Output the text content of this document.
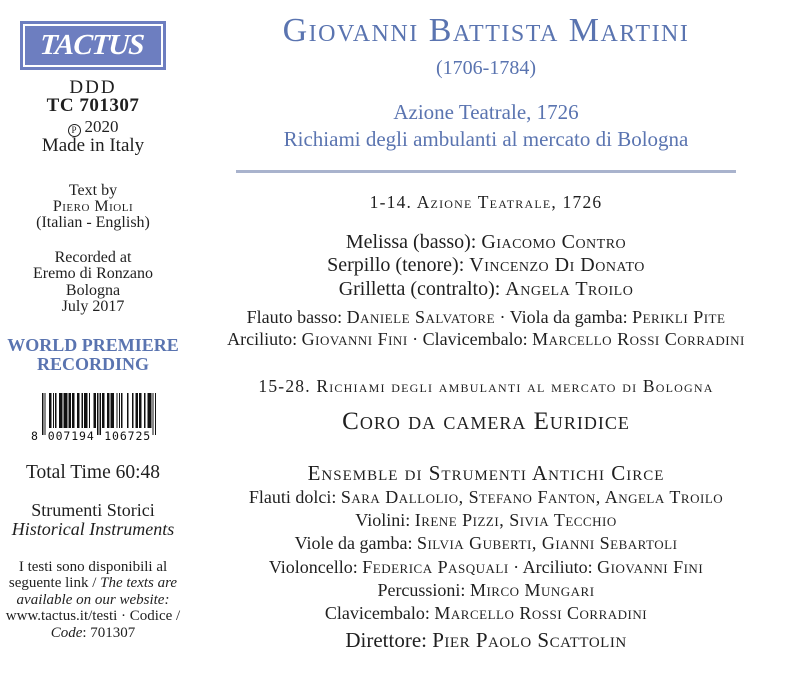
TACTUS
DDD
TC 701307
P 2020
Made in Italy
Text by
Piero Mioli
(Italian - English)
Recorded at
Eremo di Ronzano
Bologna
July 2017
WORLD PREMIERE
RECORDING
8 007194 106725
Total Time 60:48
Strumenti Storici
Historical Instruments
I testi sono disponibili al
seguente link / The texts are
available on our website:
www.tactus.it/testi · Codice /
Code: 701307
Giovanni Battista Martini
(1706-1784)
Azione Teatrale, 1726
Richiami degli ambulanti al mercato di Bologna
1-14. Azione Teatrale, 1726
Melissa (basso): Giacomo Contro
Serpillo (tenore): Vincenzo Di Donato
Grilletta (contralto): Angela Troilo
Flauto basso: Daniele Salvatore · Viola da gamba: Perikli Pite
Arciliuto: Giovanni Fini · Clavicembalo: Marcello Rossi Corradini
15-28. Richiami degli ambulanti al mercato di Bologna
Coro da camera Euridice
Ensemble di Strumenti Antichi Circe
Flauti dolci: Sara Dallolio, Stefano Fanton, Angela Troilo
Violini: Irene Pizzi, Sivia Tecchio
Viole da gamba: Silvia Guberti, Gianni Sebartoli
Violoncello: Federica Pasquali · Arciliuto: Giovanni Fini
Percussioni: Mirco Mungari
Clavicembalo: Marcello Rossi Corradini
Direttore: Pier Paolo Scattolin
